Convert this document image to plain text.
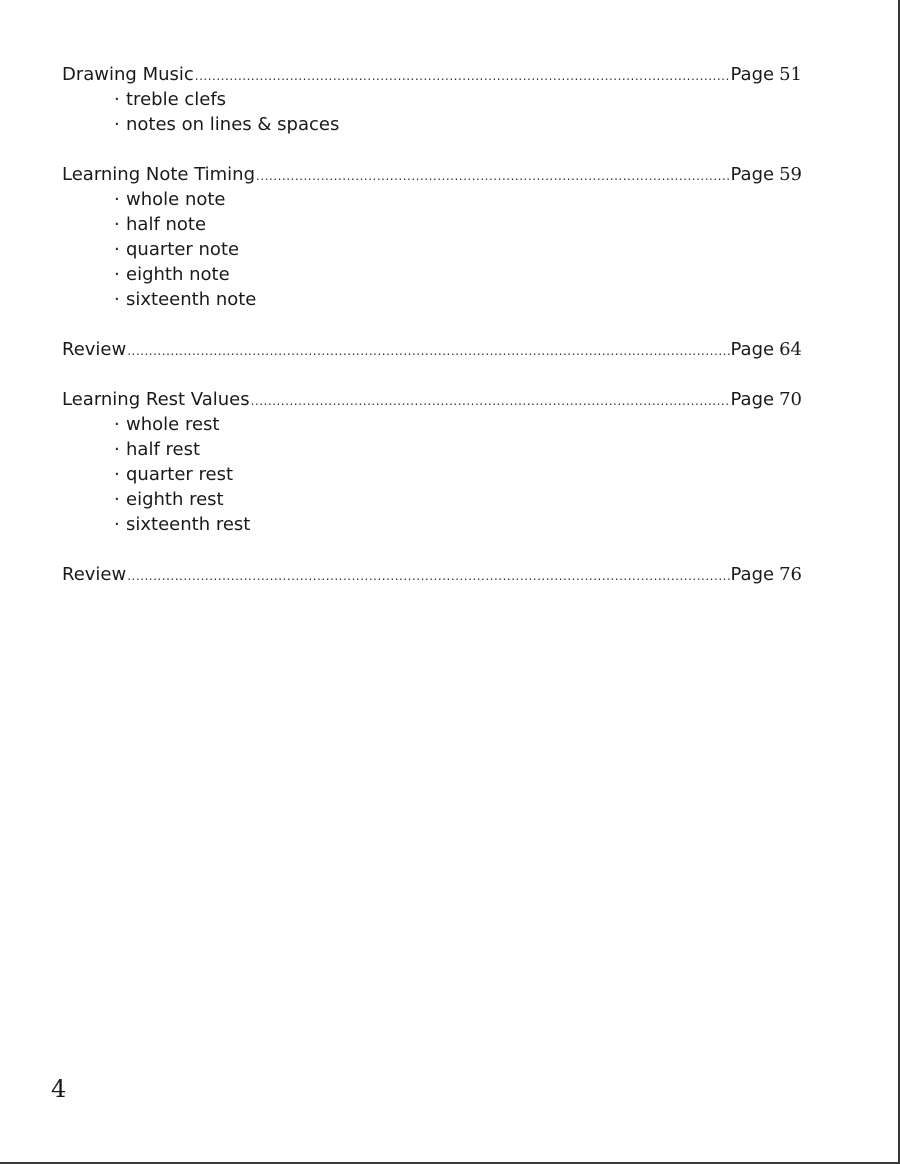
Drawing Music .....	Page 51
· treble clefs
· notes on lines & spaces
Learning Note Timing .....	Page 59
· whole note
· half note
· quarter note
· eighth note
· sixteenth note
Review .....	Page 64
Learning Rest Values .....	Page 70
· whole rest
· half rest
· quarter rest
· eighth rest
· sixteenth rest
Review .....	Page 76
4
